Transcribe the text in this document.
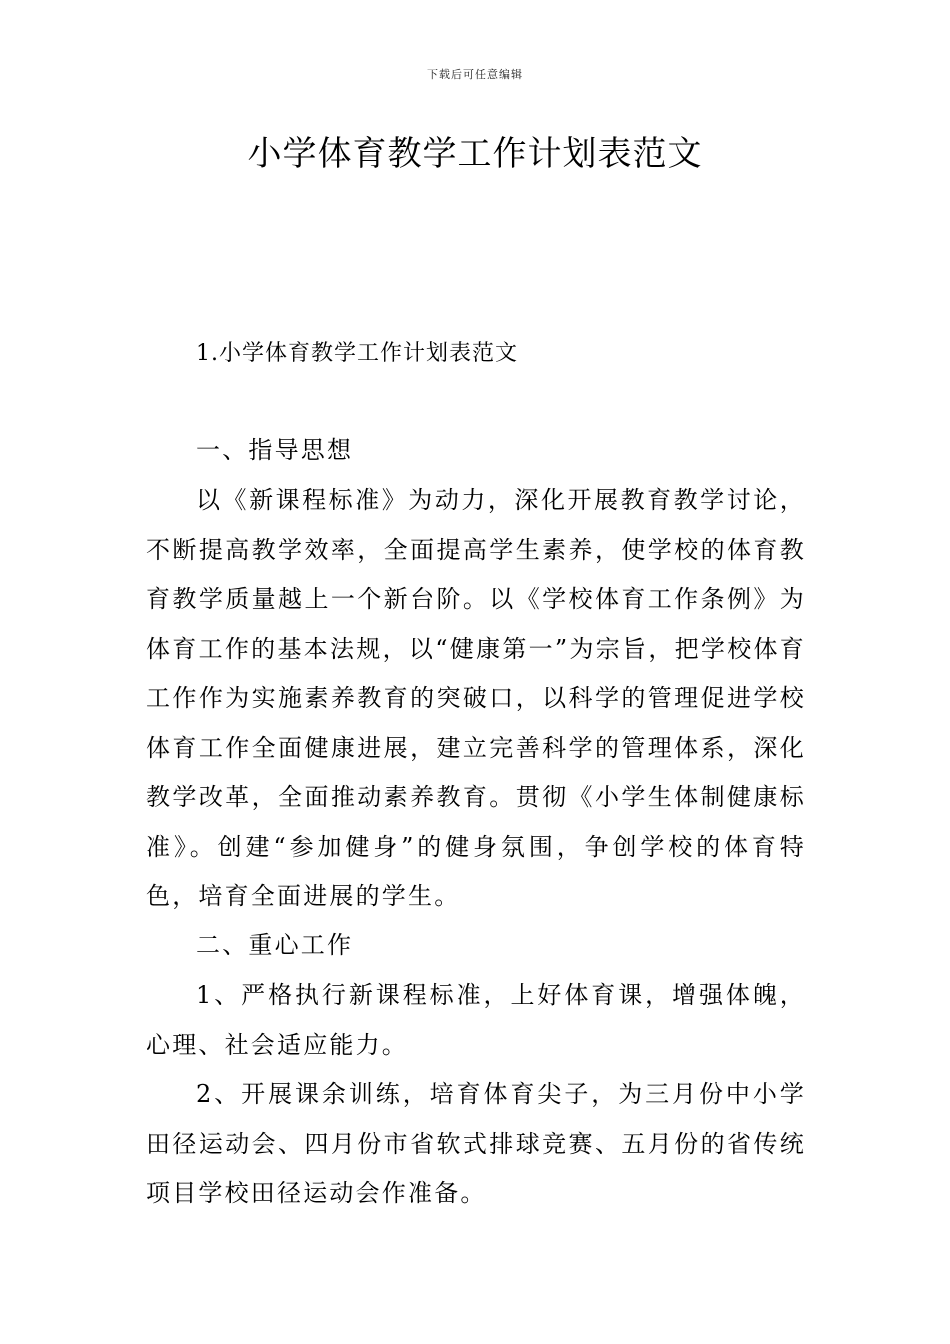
下载后可任意编辑
小学体育教学工作计划表范文
1.小学体育教学工作计划表范文

一、指导思想

以《新课程标准》为动力，深化开展教育教学讨论，不断提高教学效率，全面提高学生素养，使学校的体育教育教学质量越上一个新台阶。以《学校体育工作条例》为体育工作的基本法规，以“健康第一”为宗旨，把学校体育工作作为实施素养教育的突破口，以科学的管理促进学校体育工作全面健康进展，建立完善科学的管理体系，深化教学改革，全面推动素养教育。贯彻《小学生体制健康标准》。创建“参加健身”的健身氛围，争创学校的体育特色，培育全面进展的学生。

二、重心工作

1、严格执行新课程标准，上好体育课，增强体魄，心理、社会适应能力。

2、开展课余训练，培育体育尖子，为三月份中小学田径运动会、四月份市省软式排球竞赛、五月份的省传统项目学校田径运动会作准备。
